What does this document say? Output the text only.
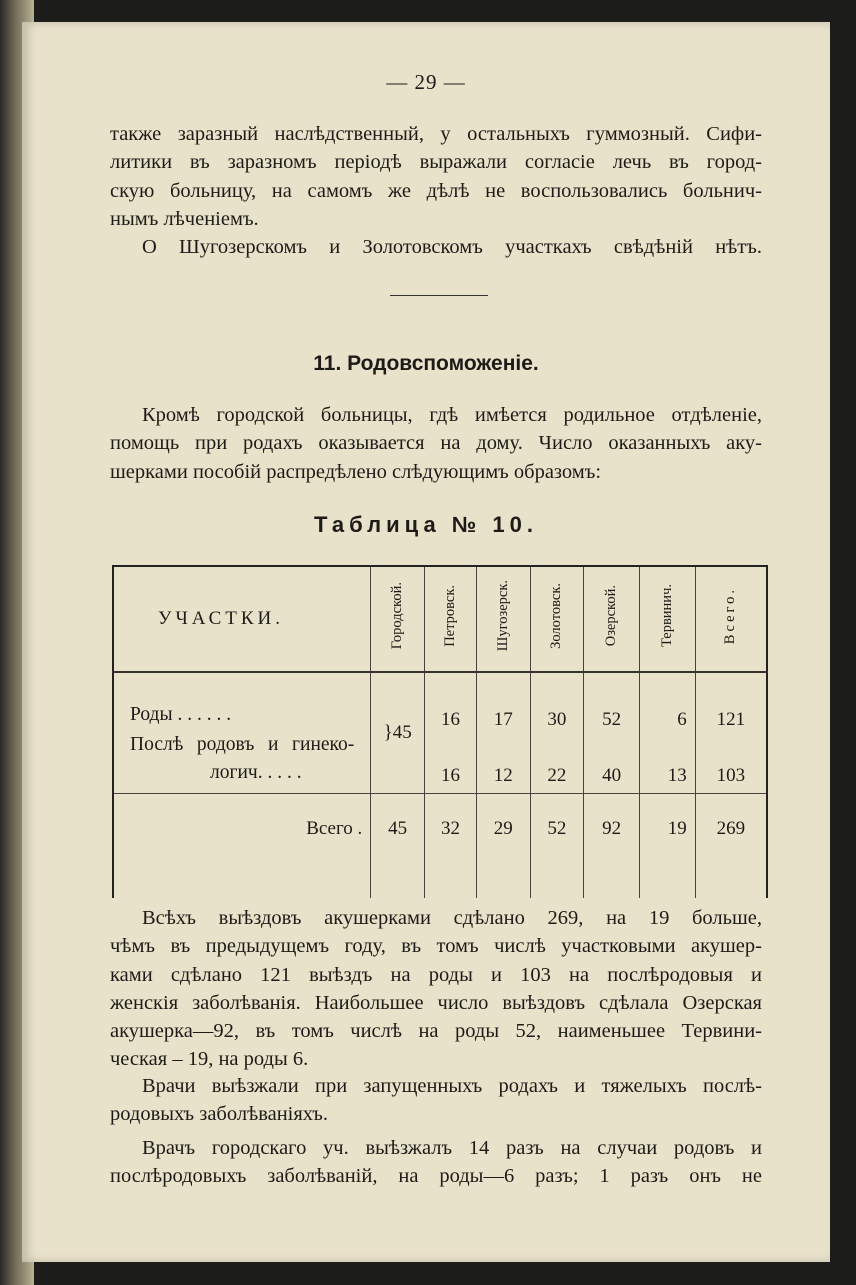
— 29 —
также заразный наслѣдственный, у остальныхъ гуммозный. Сифи-
литики въ заразномъ періодѣ выражали согласіе лечь въ город-
скую больницу, на самомъ же дѣлѣ не воспользовались больнич-
нымъ лѣченіемъ.
О Шугозерскомъ и Золотовскомъ участкахъ свѣдѣній нѣтъ.
11. Родовспоможеніе.
Кромѣ городской больницы, гдѣ имѣется родильное отдѣленіе,
помощь при родахъ оказывается на дому. Число оказанныхъ аку-
шерками пособій распредѣлено слѣдующимъ образомъ:
Таблица № 10.
УЧАСТКИ.	Городской.	Петровск.	Шугозерск.	Золотовск.	Озерской.	Тервинич.	Всего.
Роды . . . . . .	}45	16	17	30	52	6	121

Послѣ родовъ и гинеко-
логич. . . . .		16	12	22	40	13	103
Всего .	45	32	29	52	92	19	269
Всѣхъ выѣздовъ акушерками сдѣлано 269, на 19 больше,
чѣмъ въ предыдущемъ году, въ томъ числѣ участковыми акушер-
ками сдѣлано 121 выѣздъ на роды и 103 на послѣродовыя и
женскія заболѣванія. Наибольшее число выѣздовъ сдѣлала Озерская
акушерка—92, въ томъ числѣ на роды 52, наименьшее Тервини-
ческая – 19, на роды 6.
Врачи выѣзжали при запущенныхъ родахъ и тяжелыхъ послѣ-
родовыхъ заболѣваніяхъ.
Врачъ городскаго уч. выѣзжалъ 14 разъ на случаи родовъ и
послѣродовыхъ заболѣваній, на роды—6 разъ; 1 разъ онъ не
